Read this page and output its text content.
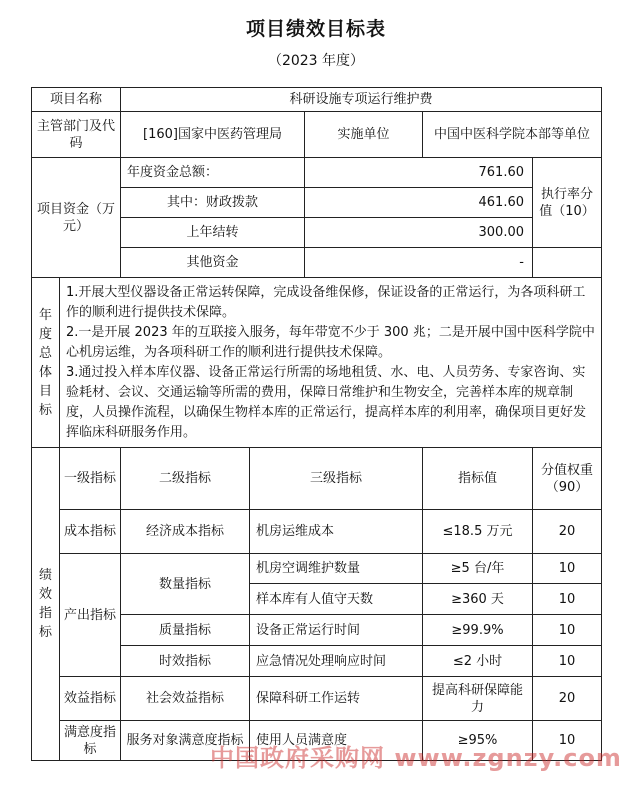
项目绩效目标表
（2023 年度）
项目名称		科研设施专项运行维护费				
主管部门及代码		[160]国家中医药管理局		实施单位	中国中医科学院本部等单位	
项目资金（万元）		年度资金总额：		761.60		执行率分值（10）
		其中：财政拨款		461.60		
		上年结转		300.00		
		其他资金		-		

年度总体目标	1.开展大型仪器设备正常运转保障，完成设备维保修，保证设备的正常运行，为各项科研工作的顺利进行提供技术保障。
2.一是开展 2023 年的互联接入服务，每年带宽不少于 300 兆；二是开展中国中医科学院中心机房运维，为各项科研工作的顺利进行提供技术保障。
3.通过投入样本库仪器、设备正常运行所需的场地租赁、水、电、人员劳务、专家咨询、实验耗材、会议、交通运输等所需的费用，保障日常维护和生物安全，完善样本库的规章制度，人员操作流程，以确保生物样本库的正常运行，提高样本库的利用率，确保项目更好发挥临床科研服务作用。					

绩效指标	一级指标	二级指标	三级指标		指标值	分值权重（90）
	成本指标	经济成本指标	机房运维成本		≤18.5 万元	20
	产出指标	数量指标	机房空调维护数量		≥5 台/年	10
			样本库有人值守天数		≥360 天	10
		质量指标	设备正常运行时间		≥99.9%	10
		时效指标	应急情况处理响应时间		≤2 小时	10
	效益指标	社会效益指标	保障科研工作运转		提高科研保障能力	20
	满意度指标	服务对象满意度指标	使用人员满意度		≥95%	10
中国政府采购网 www.zgnzy.com
